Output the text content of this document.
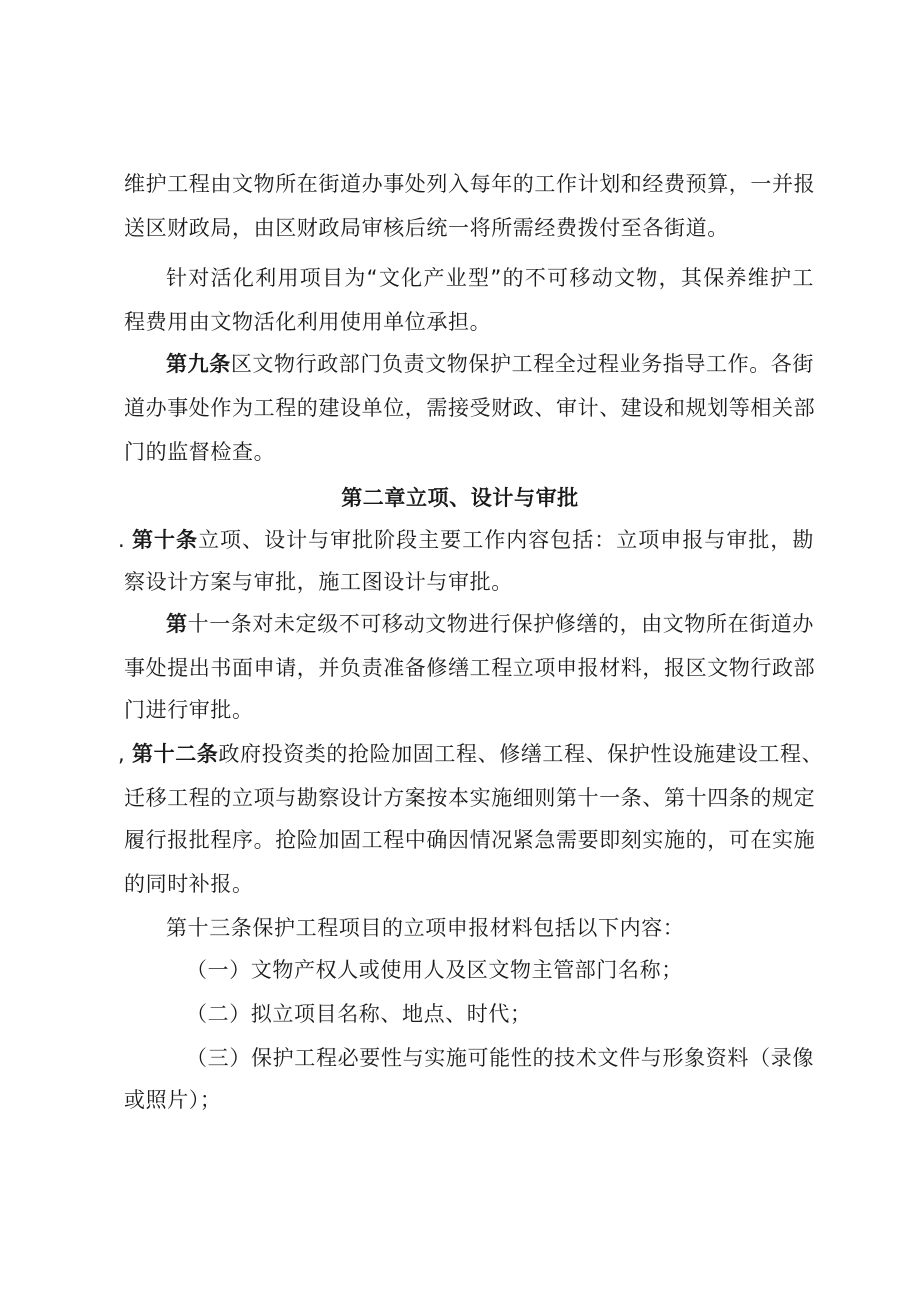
维护工程由文物所在街道办事处列入每年的工作计划和经费预算，一并报
送区财政局，由区财政局审核后统一将所需经费拨付至各街道。
针对活化利用项目为“文化产业型”的不可移动文物，其保养维护工
程费用由文物活化利用使用单位承担。
第九条区文物行政部门负责文物保护工程全过程业务指导工作。各街
道办事处作为工程的建设单位，需接受财政、审计、建设和规划等相关部
门的监督检查。
第二章立项、设计与审批
. 第十条立项、设计与审批阶段主要工作内容包括：立项申报与审批，勘
察设计方案与审批，施工图设计与审批。
第十一条对未定级不可移动文物进行保护修缮的，由文物所在街道办
事处提出书面申请，并负责准备修缮工程立项申报材料，报区文物行政部
门进行审批。
, 第十二条政府投资类的抢险加固工程、修缮工程、保护性设施建设工程、
迁移工程的立项与勘察设计方案按本实施细则第十一条、第十四条的规定
履行报批程序。抢险加固工程中确因情况紧急需要即刻实施的，可在实施
的同时补报。
第十三条保护工程项目的立项申报材料包括以下内容：
（一）文物产权人或使用人及区文物主管部门名称；
（二）拟立项目名称、地点、时代；
（三）保护工程必要性与实施可能性的技术文件与形象资料（录像
或照片）；
